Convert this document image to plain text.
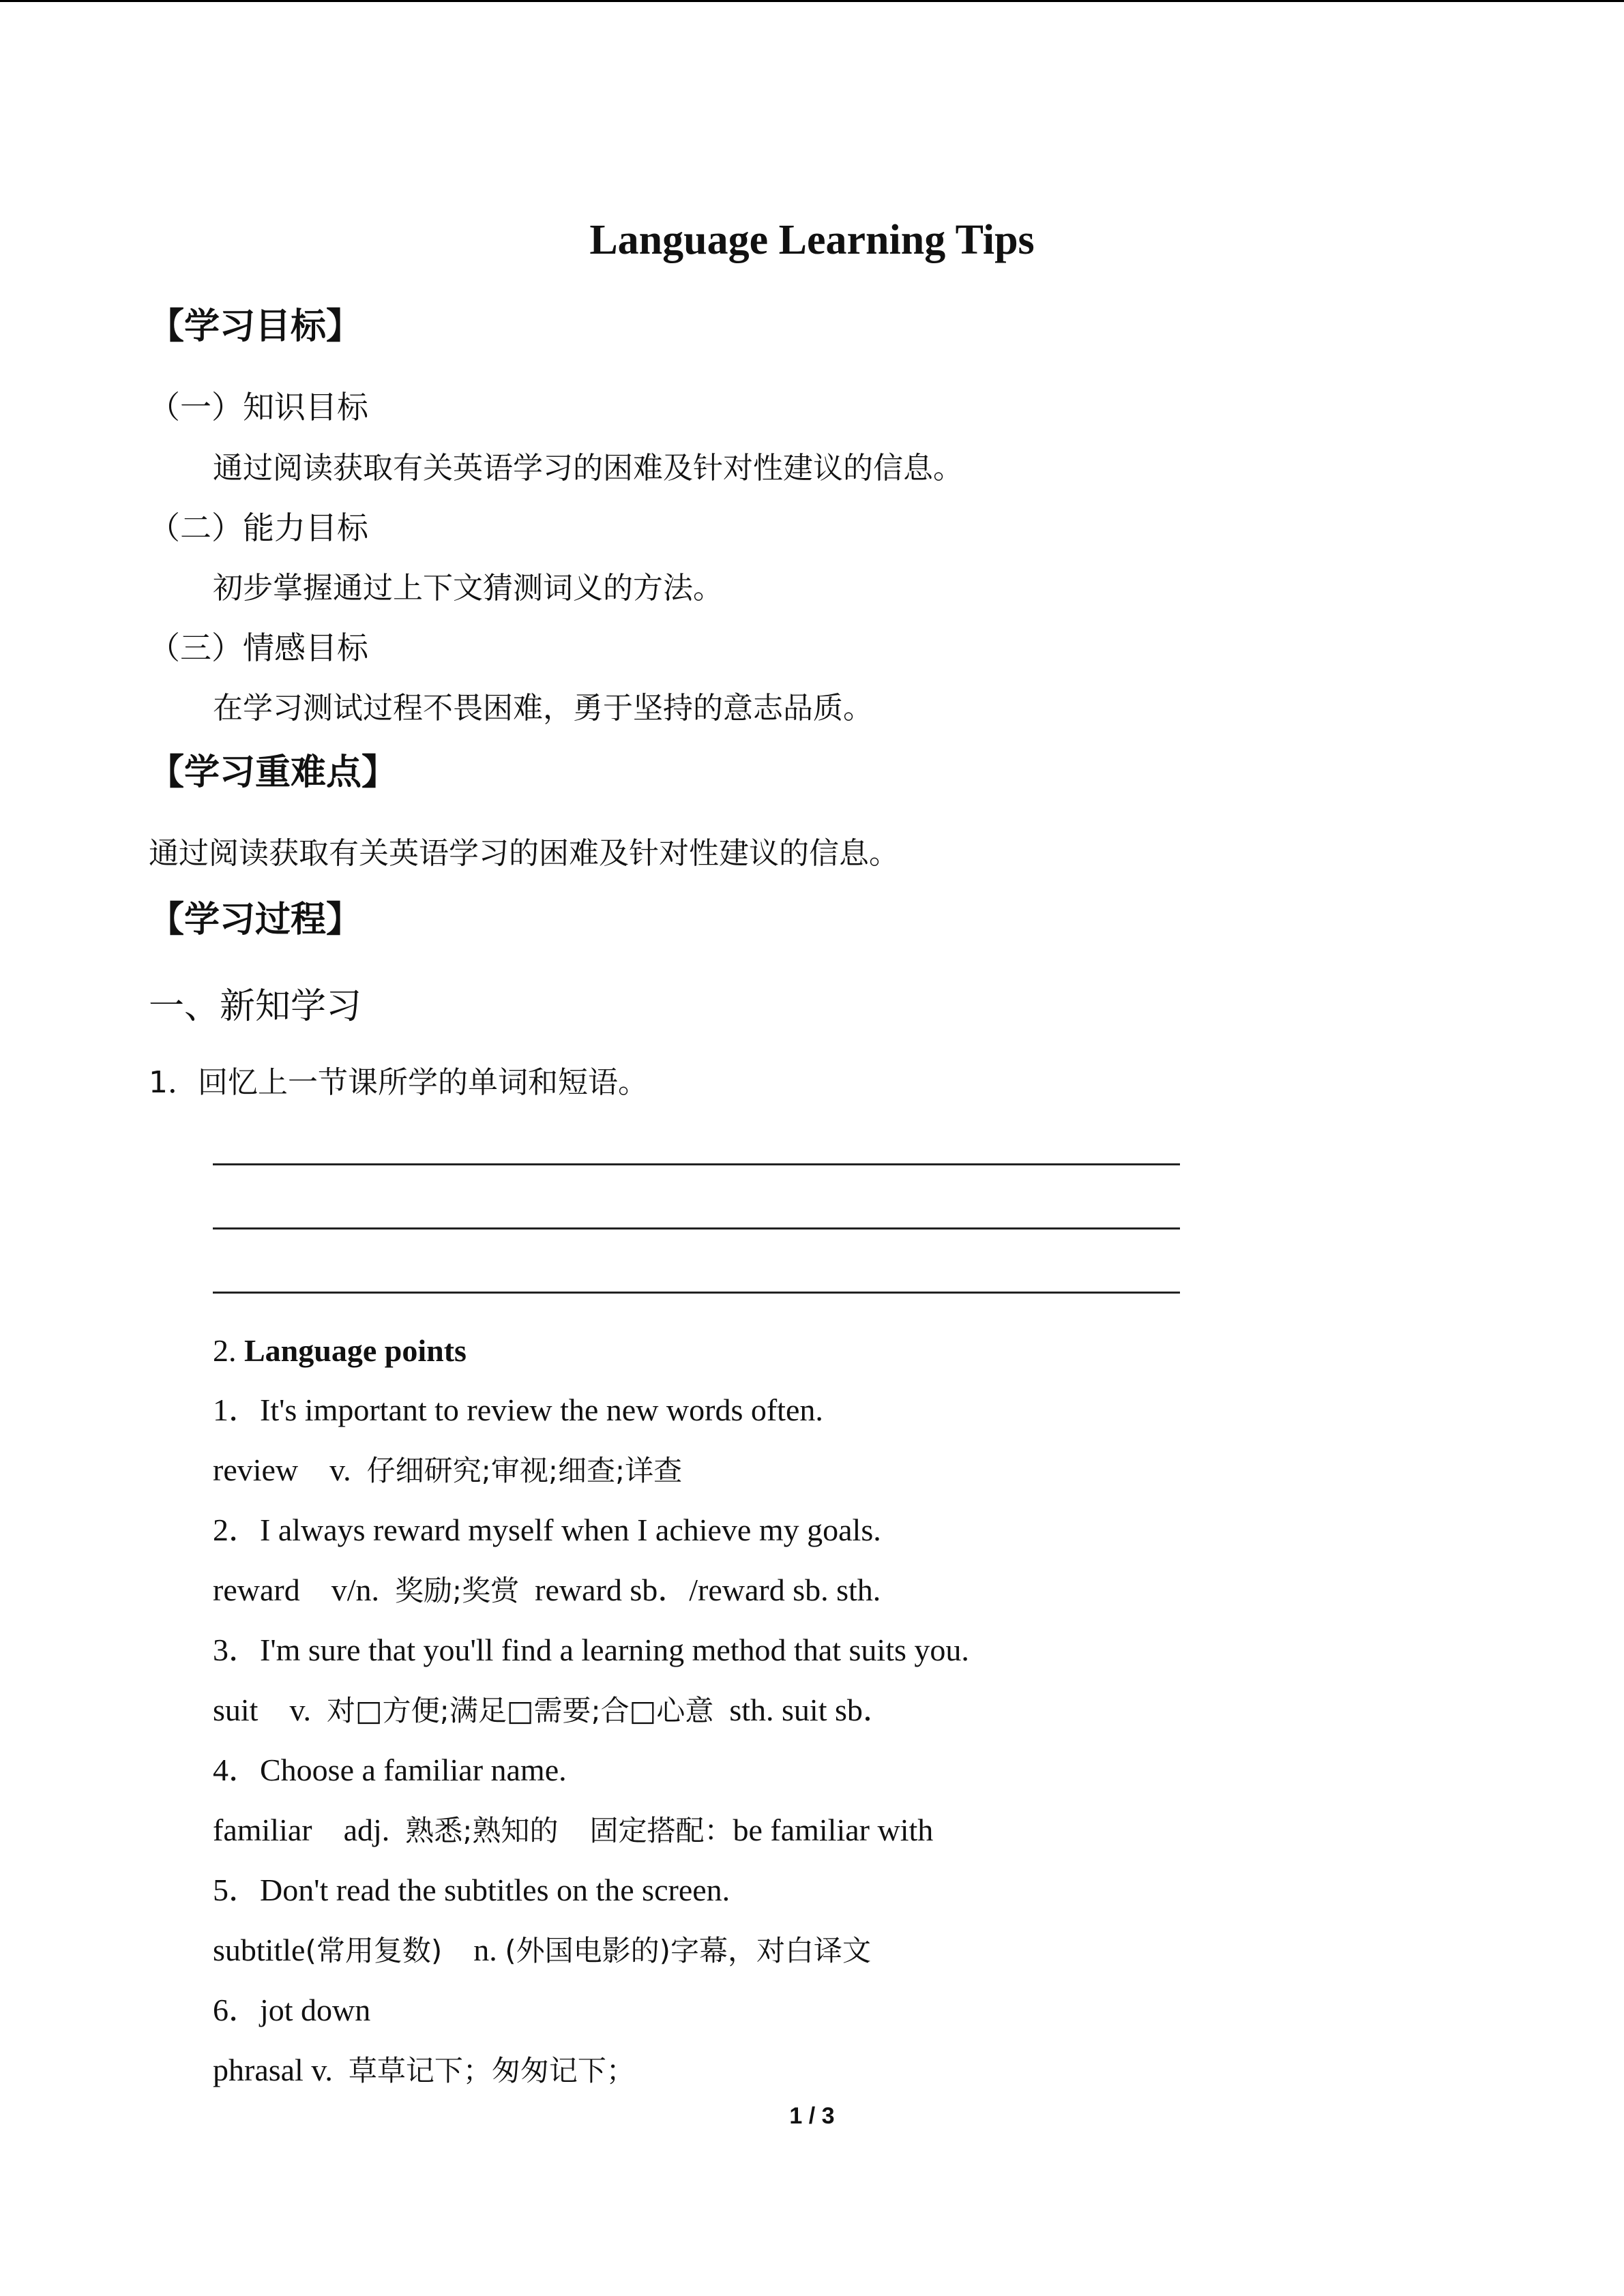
Language Learning Tips
【学习目标】
（一）知识目标
通过阅读获取有关英语学习的困难及针对性建议的信息。
（二）能力目标
初步掌握通过上下文猜测词义的方法。
（三）情感目标
在学习测试过程不畏困难，勇于坚持的意志品质。
【学习重难点】
通过阅读获取有关英语学习的困难及针对性建议的信息。
【学习过程】
一、新知学习
1．回忆上一节课所学的单词和短语。
2. Language points
1．It's important to review the new words often.
review v. 仔细研究;审视;细查;详查
2．I always reward myself when I achieve my goals.
reward v/n. 奖励;奖赏 reward sb．/reward sb. sth.
3．I'm sure that you'll find a learning method that suits you.
suit v. 对□方便;满足□需要;合□心意 sth. suit sb．
4．Choose a familiar name.
familiar adj. 熟悉;熟知的 固定搭配：be familiar with
5．Don't read the subtitles on the screen.
subtitle(常用复数) n. (外国电影的)字幕，对白译文
6．jot down
phrasal v. 草草记下；匆匆记下；
1 / 3
